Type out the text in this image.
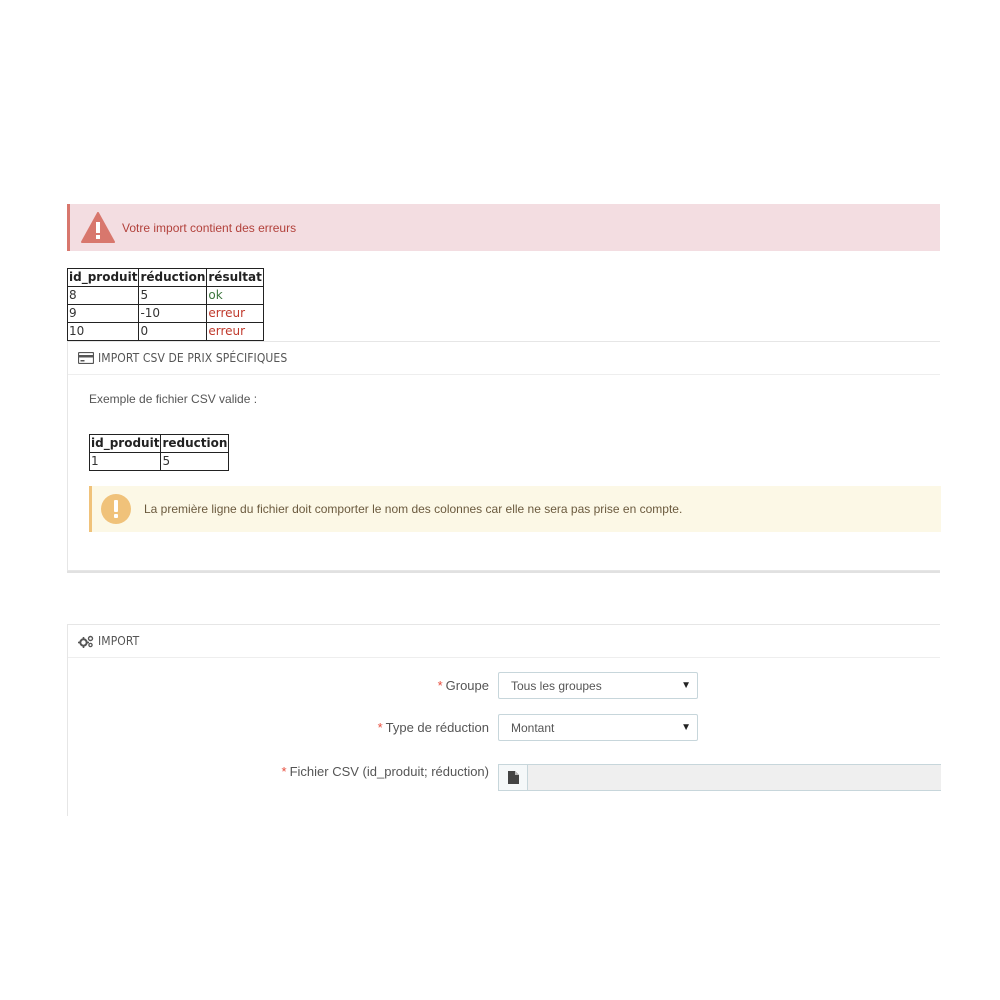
Votre import contient des erreurs
id_produit	réduction	résultat
8	5	ok
9	-10	erreur
10	0	erreur
IMPORT CSV DE PRIX SPÉCIFIQUES
Exemple de fichier CSV valide :
id_produit	reduction
1	5
La première ligne du fichier doit comporter le nom des colonnes car elle ne sera pas prise en compte.
IMPORT
* Groupe	Tous les groupes	▼
* Type de réduction	Montant	▼
* Fichier CSV (id_produit; réduction)
